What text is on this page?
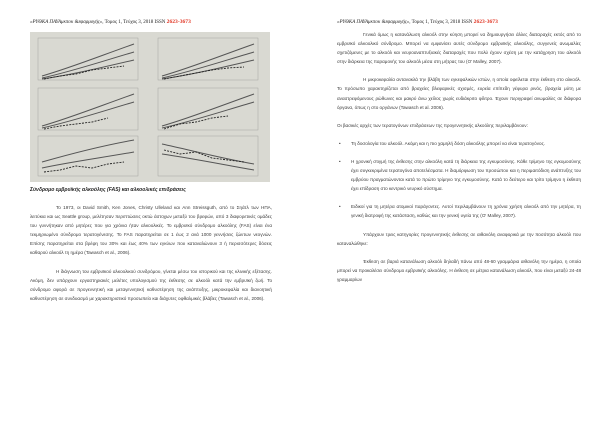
«ΡΥΘΚΑ ΠΑΥΑμκποκ &εφαρμογής», Τομος 1, Τεύχος 3, 2018 ISSN 2623-3673
Σύνδρομο εμβρυϊκής αλκοόλης (FAS) και αλκοολικές επιδράσεις

Το 1973, οι David Smith, Ken Jones, Christy Ulleland και Ann Streissguth, από το Σηάτλ των ΗΠΑ, λειτύκια και ως Seattle group, μελέτησαν περιπτώσεις οκτώ άστοχων μεταξύ του βρεφών, από 3 διαφορετικές ομάδες του γυννήτηκαν από μητέρες που για χρόνια ήταν αλκοολικές. Το εμβρυϊκό σύνδρομο αλκοόλης (FAS) είναι ένα τεκμηριωμένο σύνδρομο τερατογένεσης. Το FAS παρατηρείται σε 1 έως 2 ανά 1000 γεννήσεις ζώντων νεογνών. Επίσης παρατηρείται στα βρέφη του 30% και έως 40% των εγκύων που καταναλώνουν 3 ή περισσότερες δόσεις καθαρού αλκοόλ τη ημέρα (Tawasch et al., 2006).

Η διάγνωση του εμβρυϊκού αλκοολικού συνδρόμου, γίνεται μέσω του ιστορικού και της κλινικής εξέτασης. Ακόμη, δεν υπάρχουν εργαστηριακές μελέτες υπολογισμού της έκθεσης σε αλκοόλ κατά την εμβρυϊκή ζωή. Το σύνδρομο αφορά σε προγεννητική και μεταγεννητική καθυστέρηση της ανάπτυξης, μικροκεφαλία και διανοητική καθυστέρηση σε συνδυασμό με χαρακτηριστικό προσωπείο και διάχυτες οφθαλμικές βλάβες (Tawasch et al., 2006).

«ΡΥΘΚΑ ΠΑΥΑμκποκ &εφαρμογής», Τομος 1, Τεύχος 3, 2018 ISSN 2623-3673

Γενικά όμως η κατανάλωση αλκοόλ στην κύηση μπορεί να δημιουργήσει άλλες διαταραχές εκτός από το εμβρυϊκό αλκοολικό σύνδρομο. Μπορεί να εμφανίσει αυτές σύνδρομο εμβρυϊκής αλκοόλης, συγγενείς ανωμαλίες σχετιζόμενες με το αλκοόλ και νευροαναπτυξιακές διαταραχές που πολύ έχουν σχέση με την κατάχρηση του αλκοόλ στην διάρκεια της παραμονής του αλκοόλ μέσα στη μήτρας του (O' Malley, 2007).

Η μικροκεφαλία αντανακλά την βλάβη των εγκεφαλικών ιστών, η οποία οφείλεται στην έκθεση στο αλκοόλ. Το πρόσωπο χαρακτηρίζεται από βραχείες βλεφαρικές σχισμές, ευρεία επίπεδη γέφυρα ρινός, βραχεία μύτη με αναστρεφόμενους ρώθωνες και μακρύ άνω χείλος χωρίς ευδιάκριτο φίλτρο. Έχουν περιγραφεί ανωμαλίες σε διάφορα όργανα, όπως η στο οργάνων (Tawasch et al. 2006).

Οι βασικές αρχές των τερατογόνων επιδράσεων της προγεννητικής αλκοόλης περιλαμβάνουν:

• Τη δοσολογία του αλκοόλ. Ακόμη και η πιο χαμηλή δόση αλκοόλης μπορεί να είναι τερατογόνος.
• Η χρονική στιγμή της έκθεσης στην αλκοόλη κατά τη διάρκεια της εγκυμοσύνης. Κάθε τρίμηνο της εγκυμοσύνης έχει συγκεκριμένα τερατογόνα αποτελέσματα. Η διαμόρφωση του προσώπου και η περιμαιτόδιση ανάπτυξης του εμβρύου πραγματώνονται κατά το πρώτο τρίμηνο της εγκυμοσύνης. Κατά το δεύτερο και τρίτο τρίμηνο η έκθεση έχει επίδραση στο κεντρικό νευρικό σύστημα.
• Ειδικοί για τη μητέρα ατομικοί παράγοντες. Αυτοί περιλαμβάνουν τη χρόνια χρήση αλκοόλ από την μητέρα, τη γενική διατροφή της κατάσταση, καθώς και την γενική υγεία της (O' Malley, 2007).

Υπάρχουν τρεις κατηγορίες προγεννητικής έκθεσης σε αιθανόλη αναφορικά με την ποσότητα αλκοόλ που καταναλώθηκε:

Έκθεση σε βαριά κατανάλωση αλκοόλ δηλαδή πάνω από 48-60 γραμμάρια αιθανόλη την ημέρα, η οποία μπορεί να προκαλέσει σύνδρομο εμβρυϊκής αλκοόλης. Η έκθεση σε μέτρια κατανάλωση αλκοόλ, που είναι μεταξύ 24-48 γραμμαρίων
